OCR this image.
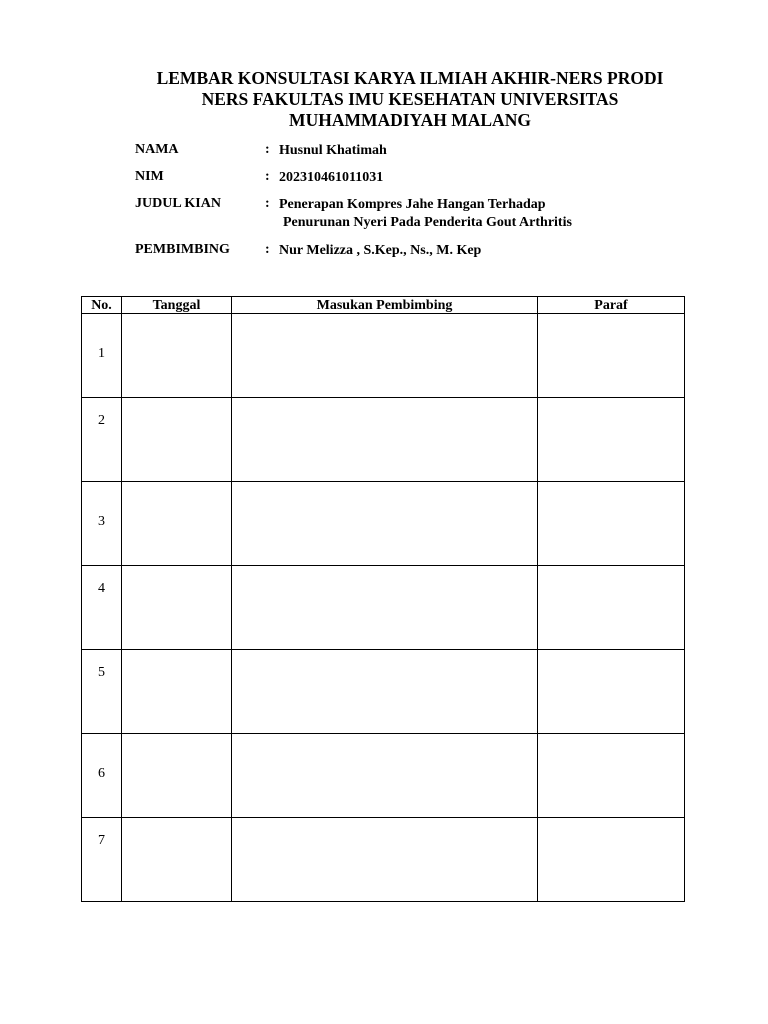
LEMBAR KONSULTASI KARYA ILMIAH AKHIR-NERS PRODI
NERS FAKULTAS IMU KESEHATAN UNIVERSITAS
MUHAMMADIYAH MALANG
NAMA	: Husnul Khatimah
NIM	: 202310461011031
JUDUL KIAN	: Penerapan Kompres Jahe Hangan Terhadap
Penurunan Nyeri Pada Penderita Gout Arthritis
PEMBIMBING	: Nur Melizza , S.Kep., Ns., M. Kep
No.	Tanggal	Masukan Pembimbing	Paraf

1			

2			

3			

4			

5			

6			

7			
